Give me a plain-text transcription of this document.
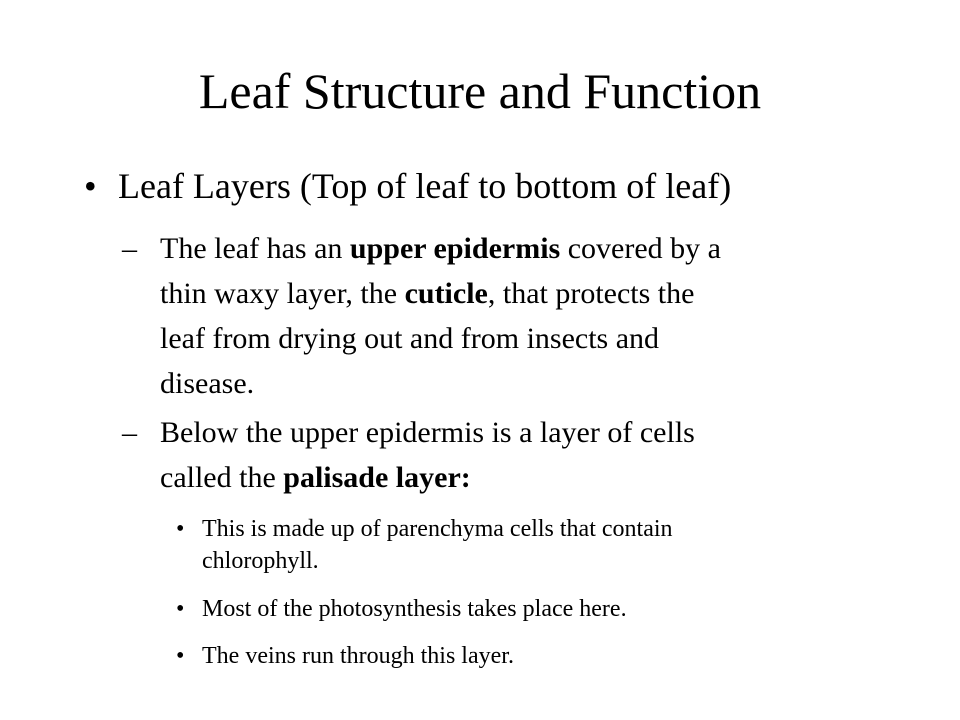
Leaf Structure and Function
• Leaf Layers (Top of leaf to bottom of leaf)
– The leaf has an upper epidermis covered by a
thin waxy layer, the cuticle, that protects the
leaf from drying out and from insects and
disease.
– Below the upper epidermis is a layer of cells
called the palisade layer:
• This is made up of parenchyma cells that contain
chlorophyll.
• Most of the photosynthesis takes place here.
• The veins run through this layer.
